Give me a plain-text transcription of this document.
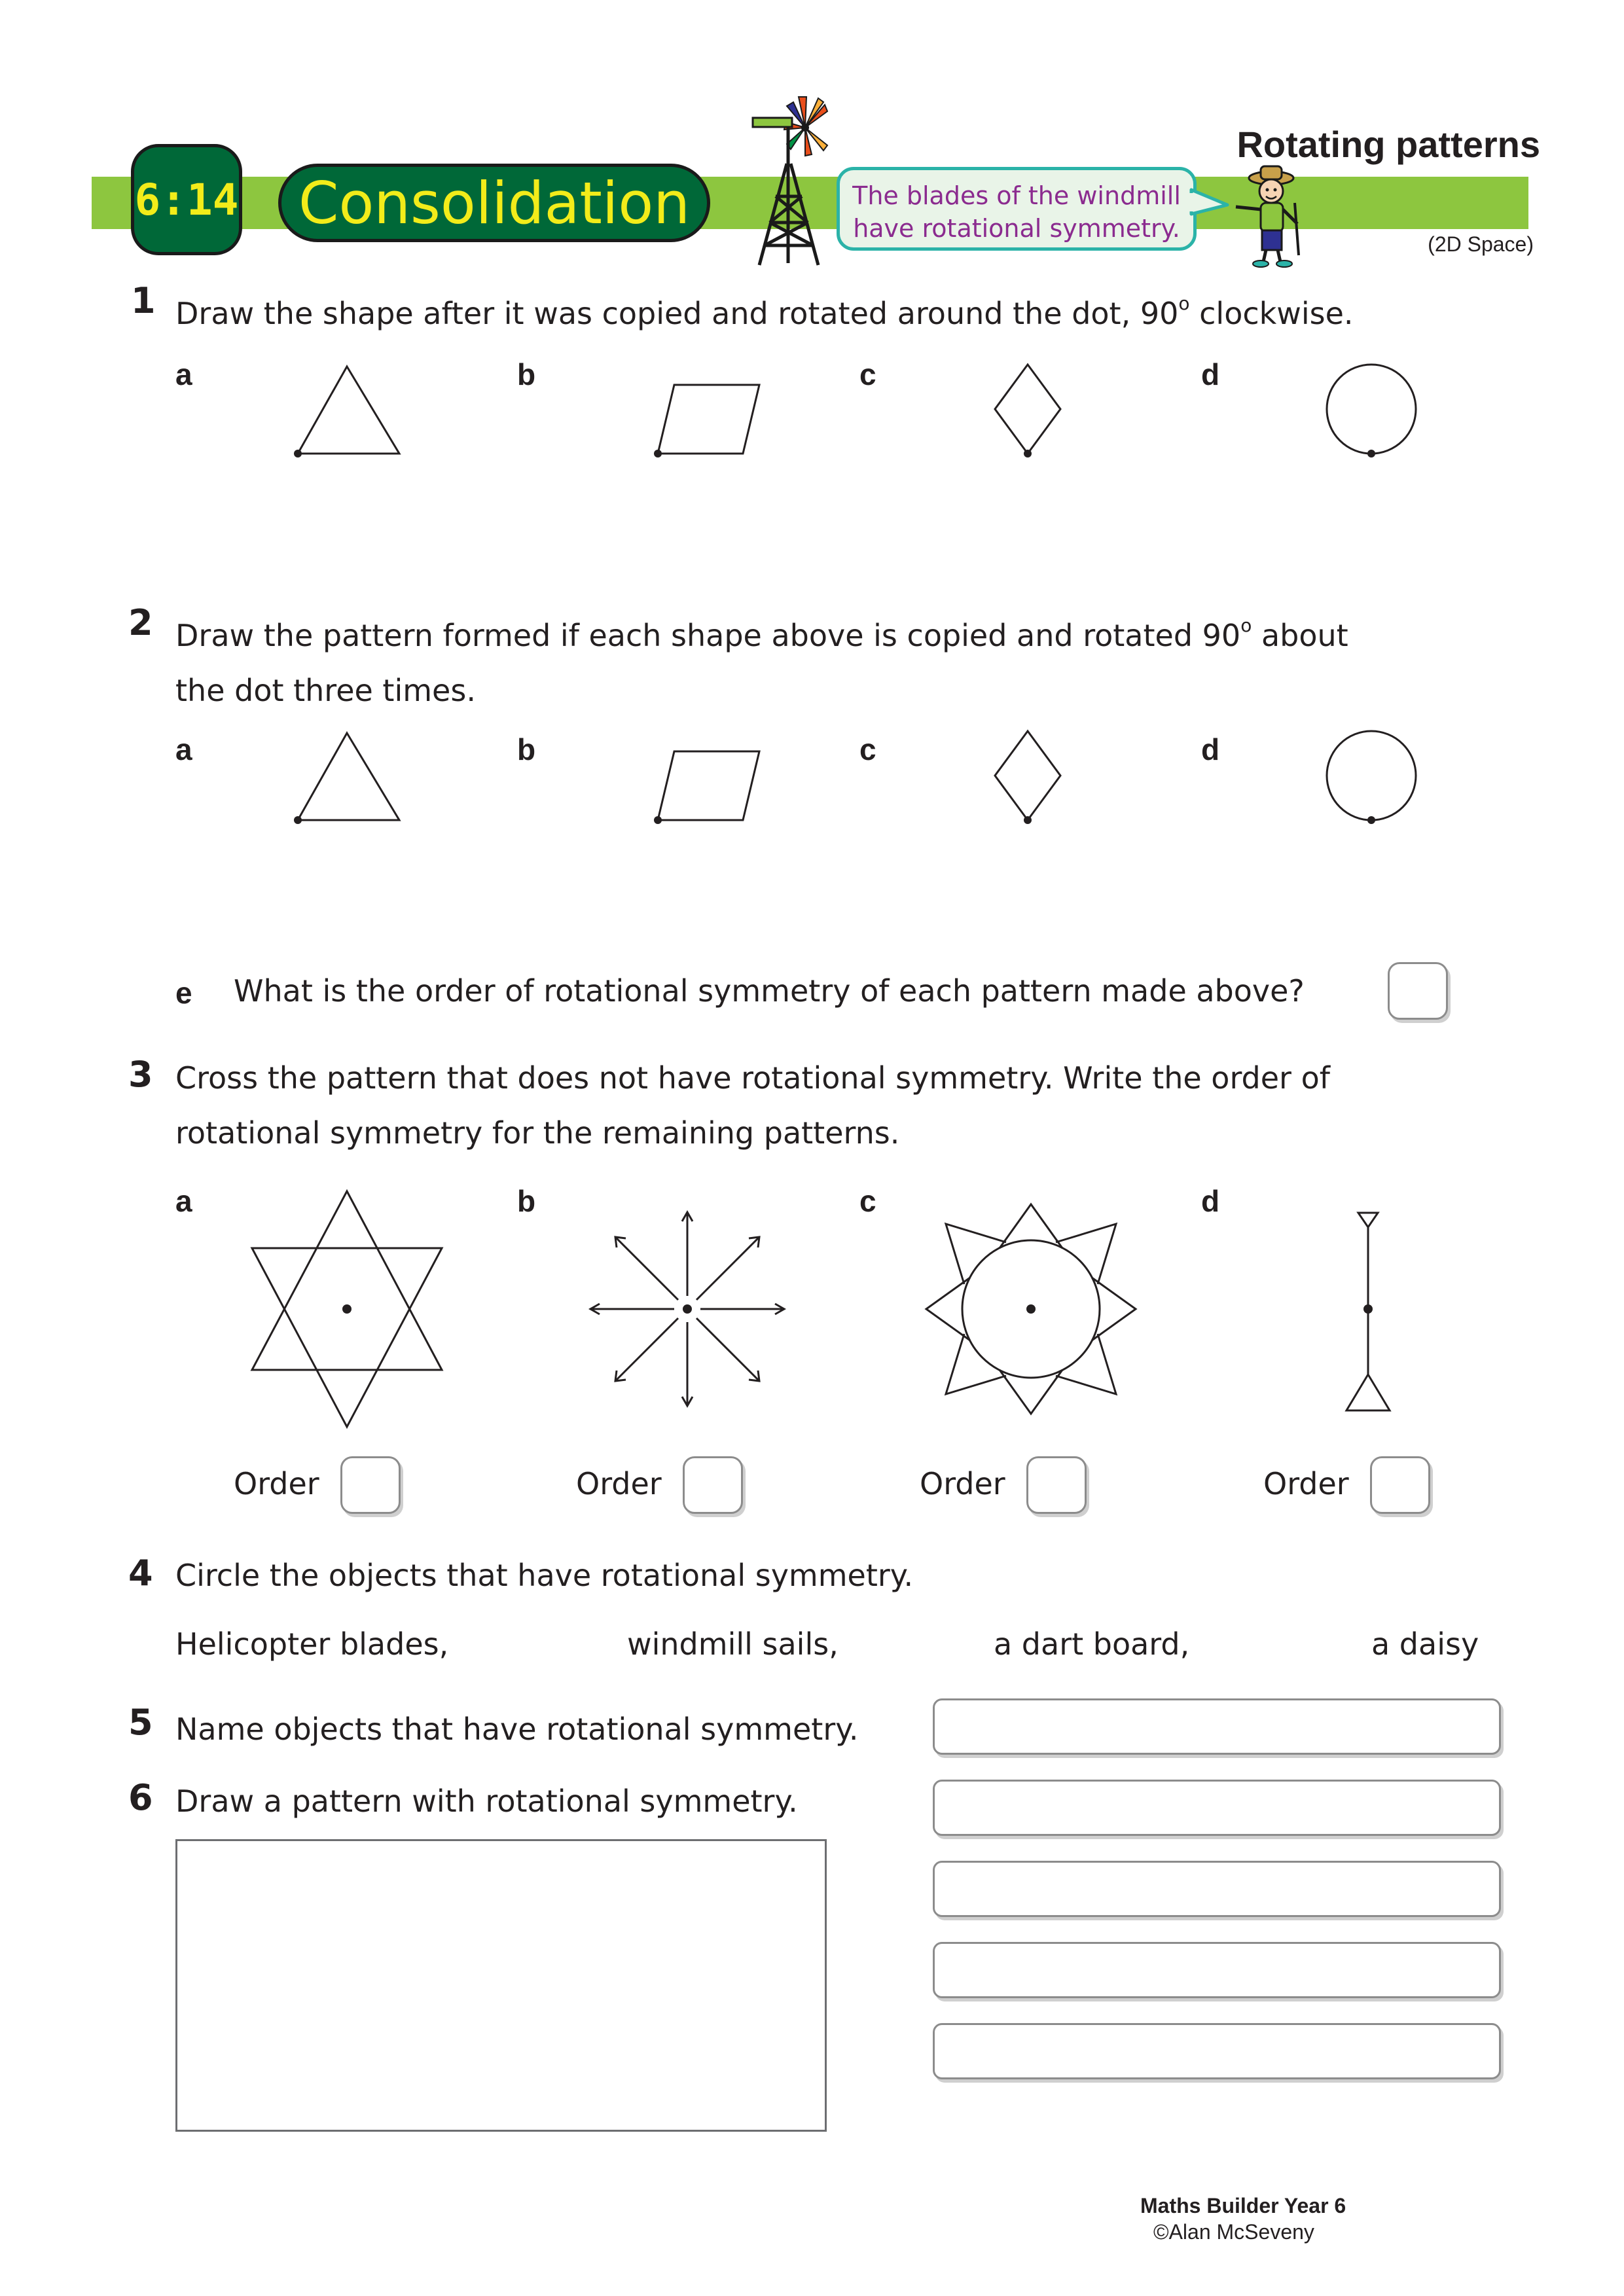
6:14	Consolidation	The blades of the windmill
have rotational symmetry.
Rotating patterns
(2D Space)
1 Draw the shape after it was copied and rotated around the dot, 90$^o$ clockwise.
a	b	c	d
2 Draw the pattern formed if each shape above is copied and rotated 90$^o$ about
the dot three times.
a	b	c	d
e What is the order of rotational symmetry of each pattern made above?
3 Cross the pattern that does not have rotational symmetry. Write the order of
rotational symmetry for the remaining patterns.
a	b	c	d
Order	Order	Order	Order
4 Circle the objects that have rotational symmetry.
Helicopter blades,	windmill sails,	a dart board,	a daisy
5 Name objects that have rotational symmetry.
6 Draw a pattern with rotational symmetry.
Maths Builder Year 6
©Alan McSeveny
